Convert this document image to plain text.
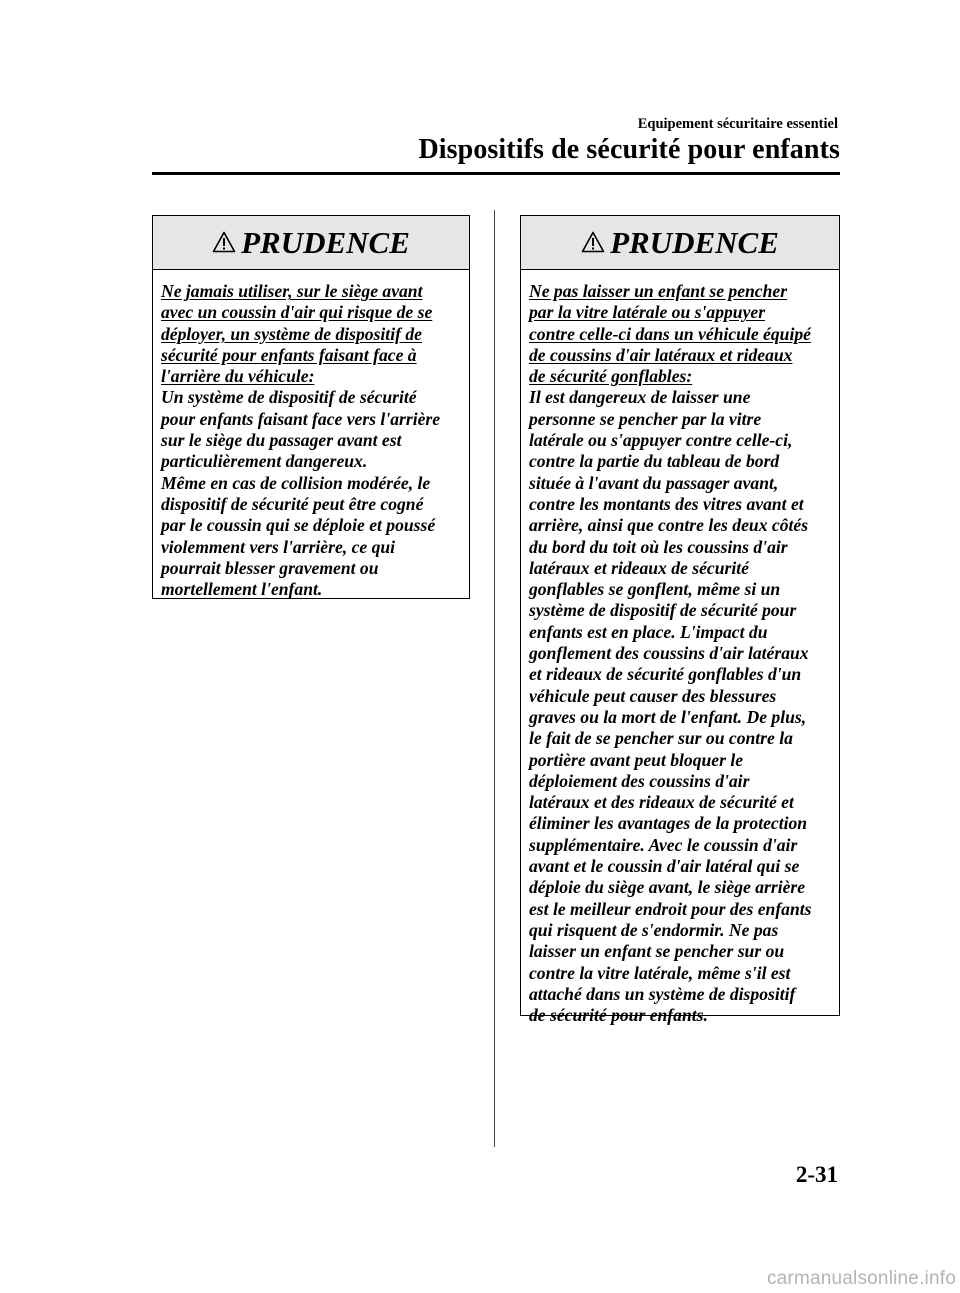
Equipement sécuritaire essentiel
Dispositifs de sécurité pour enfants
PRUDENCE

Ne jamais utiliser, sur le siège avant

avec un coussin d'air qui risque de se

déployer, un système de dispositif de

sécurité pour enfants faisant face à

l'arrière du véhicule:

Un système de dispositif de sécurité

pour enfants faisant face vers l'arrière

sur le siège du passager avant est

particulièrement dangereux.

Même en cas de collision modérée, le

dispositif de sécurité peut être cogné

par le coussin qui se déploie et poussé

violemment vers l'arrière, ce qui

pourrait blesser gravement ou

mortellement l'enfant.

PRUDENCE

Ne pas laisser un enfant se pencher

par la vitre latérale ou s'appuyer

contre celle-ci dans un véhicule équipé

de coussins d'air latéraux et rideaux

de sécurité gonflables:

Il est dangereux de laisser une

personne se pencher par la vitre

latérale ou s'appuyer contre celle-ci,

contre la partie du tableau de bord

située à l'avant du passager avant,

contre les montants des vitres avant et

arrière, ainsi que contre les deux côtés

du bord du toit où les coussins d'air

latéraux et rideaux de sécurité

gonflables se gonflent, même si un

système de dispositif de sécurité pour

enfants est en place. L'impact du

gonflement des coussins d'air latéraux

et rideaux de sécurité gonflables d'un

véhicule peut causer des blessures

graves ou la mort de l'enfant. De plus,

le fait de se pencher sur ou contre la

portière avant peut bloquer le

déploiement des coussins d'air

latéraux et des rideaux de sécurité et

éliminer les avantages de la protection

supplémentaire. Avec le coussin d'air

avant et le coussin d'air latéral qui se

déploie du siège avant, le siège arrière

est le meilleur endroit pour des enfants

qui risquent de s'endormir. Ne pas

laisser un enfant se pencher sur ou

contre la vitre latérale, même s'il est

attaché dans un système de dispositif

de sécurité pour enfants.

2-31
carmanualsonline.info
